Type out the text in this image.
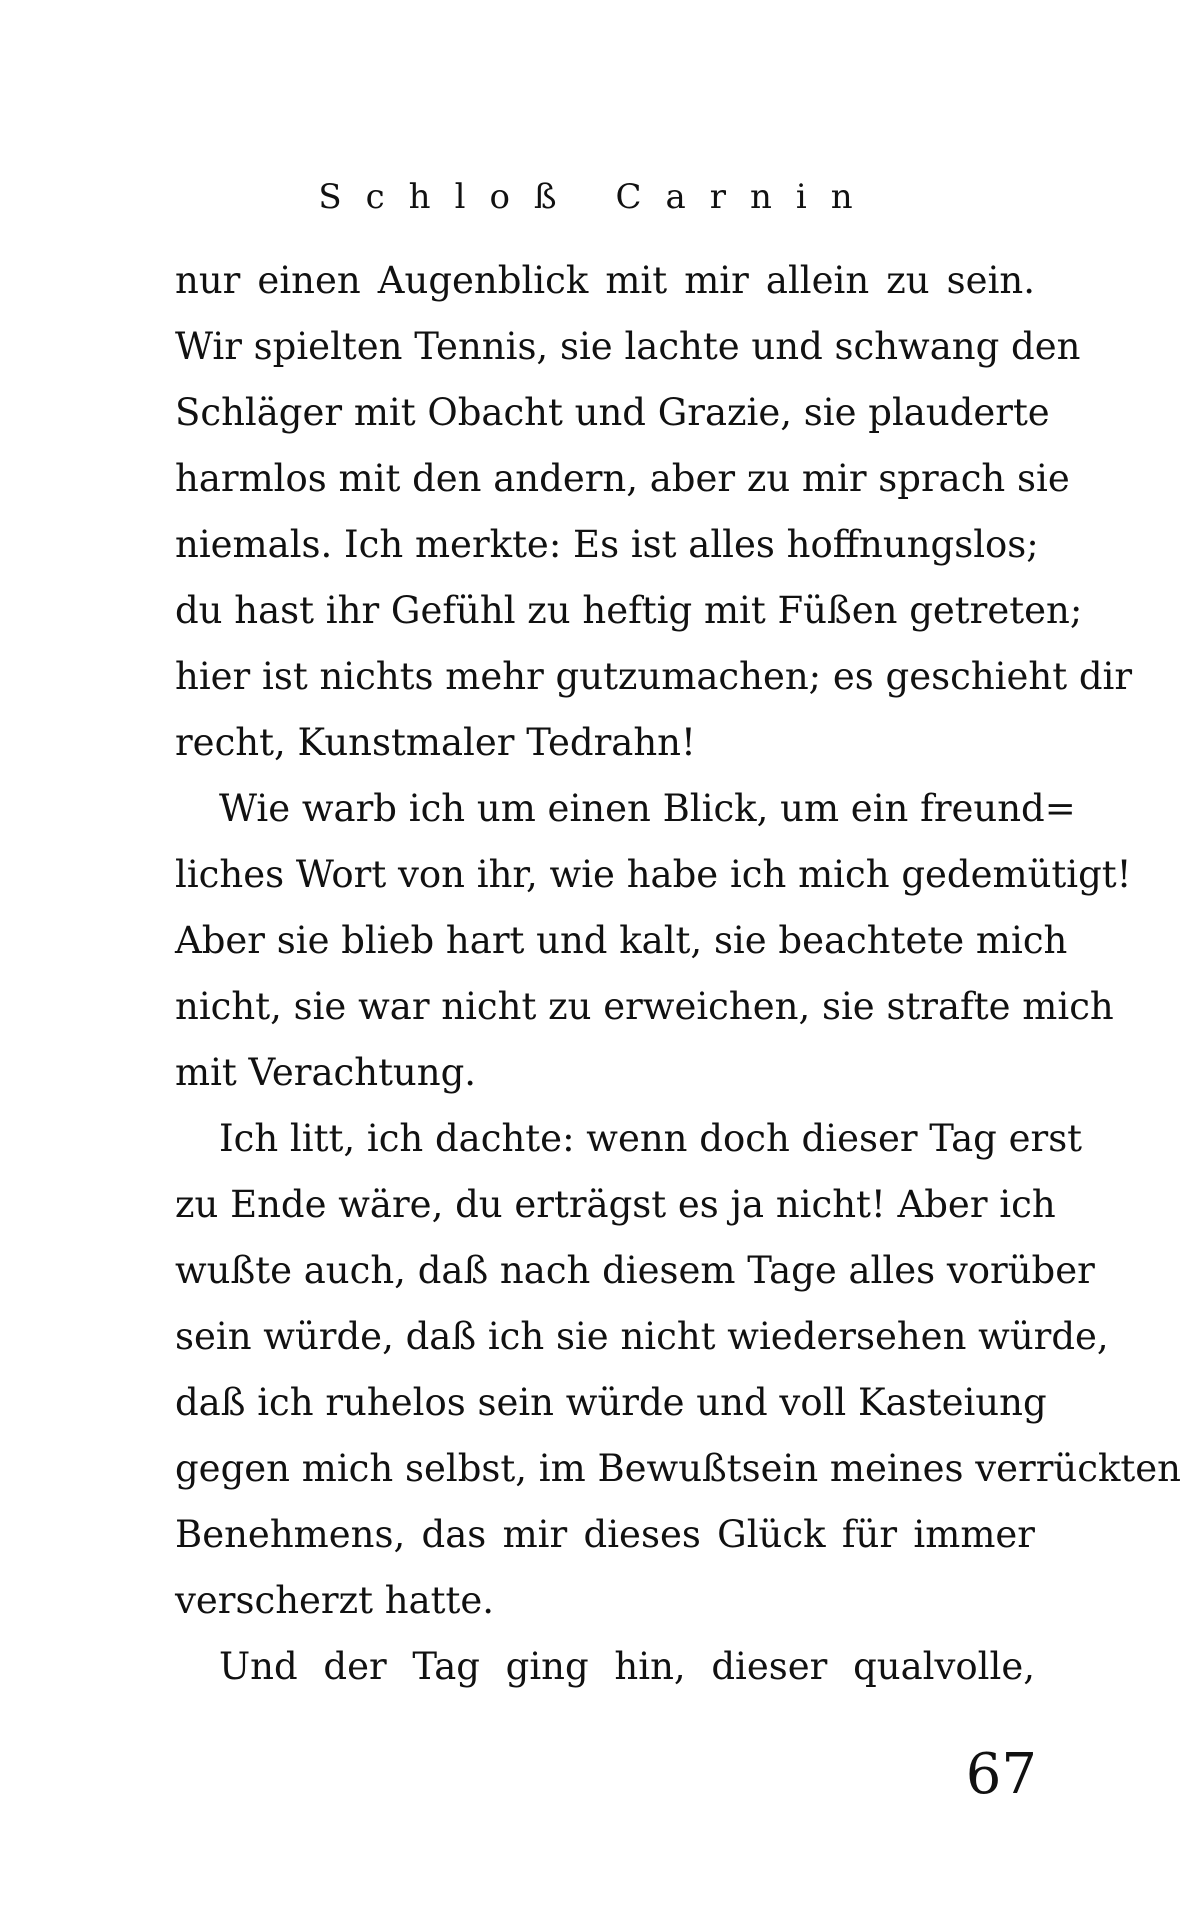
Schloß Carnin
nur einen Augenblick mit mir allein zu sein.
Wir spielten Tennis, sie lachte und schwang den
Schläger mit Obacht und Grazie, sie plauderte
harmlos mit den andern, aber zu mir sprach sie
niemals. Ich merkte: Es ist alles hoffnungslos;
du hast ihr Gefühl zu heftig mit Füßen getreten;
hier ist nichts mehr gutzumachen; es geschieht dir
recht, Kunstmaler Tedrahn!
Wie warb ich um einen Blick, um ein freund=
liches Wort von ihr, wie habe ich mich gedemütigt!
Aber sie blieb hart und kalt, sie beachtete mich
nicht, sie war nicht zu erweichen, sie strafte mich
mit Verachtung.
Ich litt, ich dachte: wenn doch dieser Tag erst
zu Ende wäre, du erträgst es ja nicht! Aber ich
wußte auch, daß nach diesem Tage alles vorüber
sein würde, daß ich sie nicht wiedersehen würde,
daß ich ruhelos sein würde und voll Kasteiung
gegen mich selbst, im Bewußtsein meines verrückten
Benehmens, das mir dieses Glück für immer
verscherzt hatte.
Und der Tag ging hin, dieser qualvolle,
67
